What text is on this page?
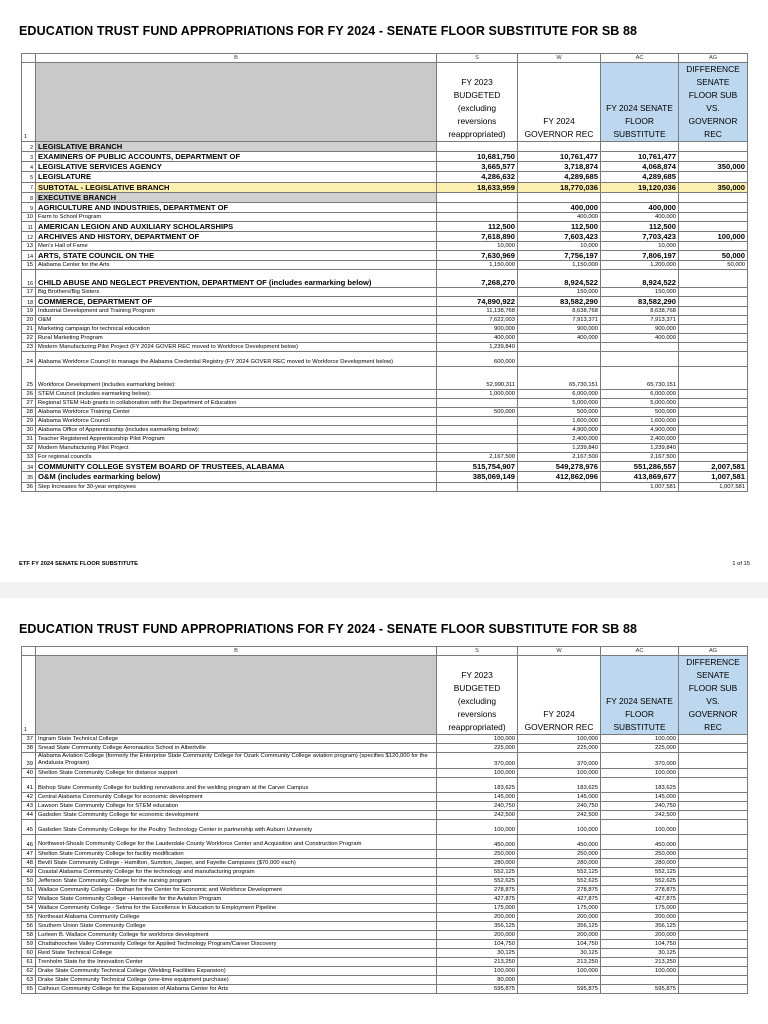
EDUCATION TRUST FUND APPROPRIATIONS FOR FY 2024 - SENATE FLOOR SUBSTITUTE FOR SB 88
	B	S	W	AC	AG
1		FY 2023 BUDGETED (excluding reversions reappropriated)	FY 2024 GOVERNOR REC	FY 2024 SENATE FLOOR SUBSTITUTE	DIFFERENCE SENATE FLOOR SUB VS. GOVERNOR REC
2	LEGISLATIVE BRANCH				
3	EXAMINERS OF PUBLIC ACCOUNTS, DEPARTMENT OF	10,681,750	10,761,477	10,761,477	
4	LEGISLATIVE SERVICES AGENCY	3,665,577	3,718,874	4,068,874	350,000
5	LEGISLATURE	4,286,632	4,289,685	4,289,685	
7	SUBTOTAL - LEGISLATIVE BRANCH	18,633,959	18,770,036	19,120,036	350,000
8	EXECUTIVE BRANCH				
9	AGRICULTURE AND INDUSTRIES, DEPARTMENT OF		400,000	400,000	
10	Farm to School Program		400,000	400,000	
11	AMERICAN LEGION AND AUXILIARY SCHOLARSHIPS	112,500	112,500	112,500	
12	ARCHIVES AND HISTORY, DEPARTMENT OF	7,618,890	7,603,423	7,703,423	100,000
13	Men's Hall of Fame	10,000	10,000	10,000	
14	ARTS, STATE COUNCIL ON THE	7,630,969	7,756,197	7,806,197	50,000
15	Alabama Center for the Arts	1,150,000	1,150,000	1,200,000	50,000
16	CHILD ABUSE AND NEGLECT PREVENTION, DEPARTMENT OF (includes earmarking below)	7,268,270	8,924,522	8,924,522	
17	Big Brothers/Big Sisters		150,000	150,000	
18	COMMERCE, DEPARTMENT OF	74,890,922	83,582,290	83,582,290	
19	Industrial Development and Training Program	11,138,768	8,638,768	8,638,768	
20	O&M	7,622,003	7,913,371	7,913,371	
21	Marketing campaign for technical education	900,000	900,000	900,000	
22	Rural Marketing Program	400,000	400,000	400,000	
23	Modern Manufacturing Pilot Project (FY 2024 GOVER REC moved to Workforce Development below)	1,239,840			
24	Alabama Workforce Council to manage the Alabama Credential Registry (FY 2024 GOVER REC moved to Workforce Development below)	600,000			
25	Workforce Development (includes earmarking below):	52,990,311	65,730,151	65,730,151	
26	STEM Council (includes earmarking below):	1,000,000	6,000,000	6,000,000	
27	Regional STEM Hub grants in collaboration with the Department of Education		5,000,000	5,000,000	
28	Alabama Workforce Training Center	500,000	500,000	500,000	
29	Alabama Workforce Council		1,600,000	1,600,000	
30	Alabama Office of Apprenticeship (includes earmarking below):		4,900,000	4,900,000	
31	Teacher Registered Apprenticeship Pilot Program		2,400,000	2,400,000	
32	Modern Manufacturing Pilot Project		1,239,840	1,239,840	
33	For regional councils	2,167,500	2,167,500	2,167,500	
34	COMMUNITY COLLEGE SYSTEM BOARD OF TRUSTEES, ALABAMA	515,754,907	549,278,976	551,286,557	2,007,581
35	O&M (includes earmarking below)	385,069,149	412,862,096	413,869,677	1,007,581
36	Step Increases for 30-year employees			1,007,581	1,007,581
ETF FY 2024 SENATE FLOOR SUBSTITUTE	1 of 15
EDUCATION TRUST FUND APPROPRIATIONS FOR FY 2024 - SENATE FLOOR SUBSTITUTE FOR SB 88
	B	S	W	AC	AG
1		FY 2023 BUDGETED (excluding reversions reappropriated)	FY 2024 GOVERNOR REC	FY 2024 SENATE FLOOR SUBSTITUTE	DIFFERENCE SENATE FLOOR SUB VS. GOVERNOR REC
37	Ingram State Technical College	100,000	100,000	100,000	
38	Snead State Community College Aeronautics School in Albertville	225,000	225,000	225,000	
39	Alabama Aviation College (formerly the Enterprise State Community College for Ozark Community College aviation program) (specifies $120,000 for the Andalusia Program)	370,000	370,000	370,000	
40	Shelton State Community College for distance support	100,000	100,000	100,000	
41	Bishop State Community College for building renovations and the welding program at the Carver Campus	183,625	183,625	183,625	
42	Central Alabama Community College for economic development	145,000	145,000	145,000	
43	Lawson State Community College for STEM education	240,750	240,750	240,750	
44	Gadsden State Community College for economic development	242,500	242,500	242,500	
45	Gadsden State Community College for the Poultry Technology Center in partnership with Auburn University	100,000	100,000	100,000	
46	Northwest-Shoals Community College for the Lauderdale County Workforce Center and Acquisition and Construction Program	450,000	450,000	450,000	
47	Shelton State Community College for facility modification	250,000	250,000	250,000	
48	Bevill State Community College - Hamilton, Sumiton, Jasper, and Fayette Campuses ($70,000 each)	280,000	280,000	280,000	
49	Coastal Alabama Community College for the technology and manufacturing program	552,125	552,125	552,125	
50	Jefferson State Community College for the nursing program	552,625	552,625	552,625	
51	Wallace Community College - Dothan for the Center for Economic and Workforce Development	278,875	278,875	278,875	
52	Wallace State Community College - Hanceville for the Aviation Program	427,875	427,875	427,875	
54	Wallace Community College - Selma for the Excellence In Education to Employment Pipeline	175,000	175,000	175,000	
55	Northeast Alabama Community College	200,000	200,000	200,000	
56	Southern Union State Community College	356,125	356,125	356,125	
58	Lurleen B. Wallace Community College for workforce development	200,000	200,000	200,000	
59	Chattahoochee Valley Community College for Applied Technology Program/Career Discovery	104,750	104,750	104,750	
60	Reid State Technical College	30,125	30,125	30,125	
61	Trenholm State for the Innovation Center	213,250	213,250	213,250	
62	Drake State Community Technical College (Welding Facilities Expansion)	100,000	100,000	100,000	
63	Drake State Community Technical College (one-time equipment purchase)	80,000			
65	Calhoun Community College for the Expansion of Alabama Center for Arts	595,875	595,875	595,875	
